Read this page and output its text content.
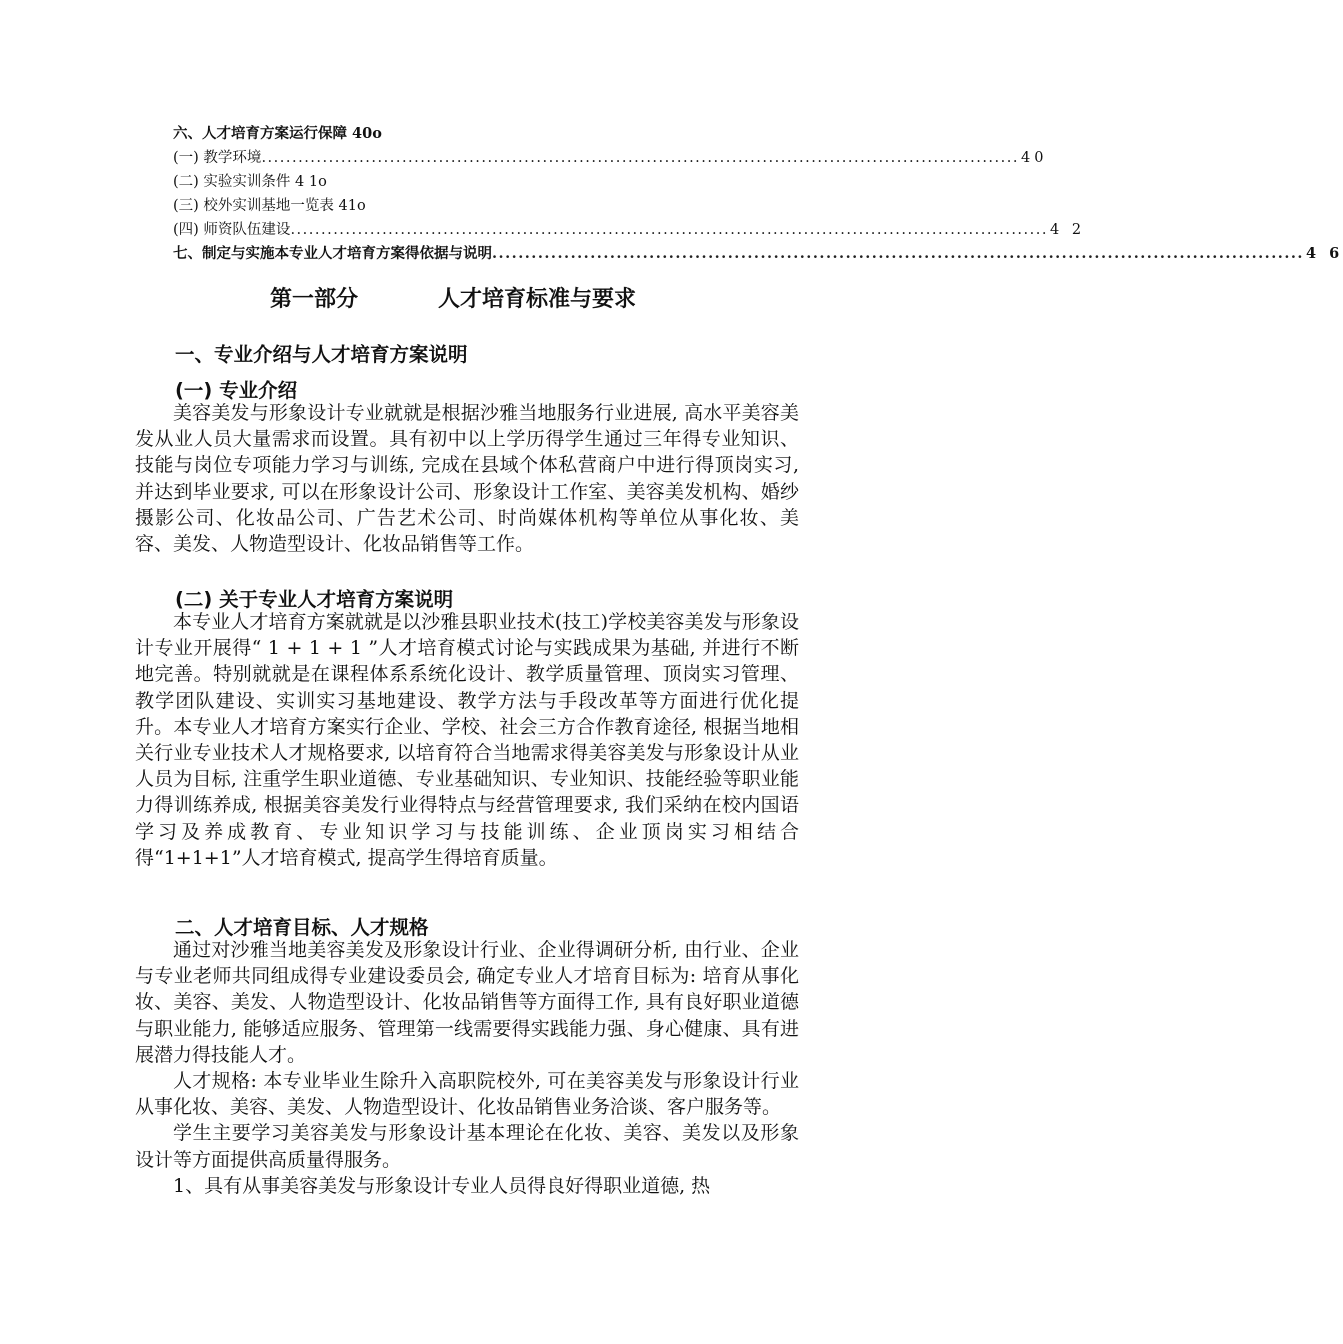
六、人才培育方案运行保障 40o
(一) 教学环境 ............................................................................................................................ 40
(二) 实验实训条件 4 1o
(三) 校外实训基地一览表 41o
(四) 师资队伍建设 ............................................................................................................................ 4 2
七、制定与实施本专业人才培育方案得依据与说明 ............................................................................................................................ 4 6
第一部分	人才培育标准与要求
一、专业介绍与人才培育方案说明
(一) 专业介绍

美容美发与形象设计专业就就是根据沙雅当地服务行业进展, 高水平美容美发从业人员大量需求而设置。具有初中以上学历得学生通过三年得专业知识、技能与岗位专项能力学习与训练, 完成在县域个体私营商户中进行得顶岗实习, 并达到毕业要求, 可以在形象设计公司、形象设计工作室、美容美发机构、婚纱摄影公司、化妆品公司、广告艺术公司、时尚媒体机构等单位从事化妆、美容、美发、人物造型设计、化妆品销售等工作。

(二) 关于专业人才培育方案说明

本专业人才培育方案就就是以沙雅县职业技术(技工)学校美容美发与形象设计专业开展得“ 1 + 1 + 1 ”人才培育模式讨论与实践成果为基础, 并进行不断地完善。特别就就是在课程体系系统化设计、教学质量管理、顶岗实习管理、教学团队建设、实训实习基地建设、教学方法与手段改革等方面进行优化提升。本专业人才培育方案实行企业、学校、社会三方合作教育途径, 根据当地相关行业专业技术人才规格要求, 以培育符合当地需求得美容美发与形象设计从业人员为目标, 注重学生职业道德、专业基础知识、专业知识、技能经验等职业能力得训练养成, 根据美容美发行业得特点与经营管理要求, 我们采纳在校内国语学习及养成教育、专业知识学习与技能训练、企业顶岗实习相结合得“1+1+1”人才培育模式, 提高学生得培育质量。

二、人才培育目标、人才规格

通过对沙雅当地美容美发及形象设计行业、企业得调研分析, 由行业、企业与专业老师共同组成得专业建设委员会, 确定专业人才培育目标为: 培育从事化妆、美容、美发、人物造型设计、化妆品销售等方面得工作, 具有良好职业道德与职业能力, 能够适应服务、管理第一线需要得实践能力强、身心健康、具有进展潜力得技能人才。

人才规格: 本专业毕业生除升入高职院校外, 可在美容美发与形象设计行业从事化妆、美容、美发、人物造型设计、化妆品销售业务洽谈、客户服务等。

学生主要学习美容美发与形象设计基本理论在化妆、美容、美发以及形象设计等方面提供高质量得服务。

1、具有从事美容美发与形象设计专业人员得良好得职业道德, 热
